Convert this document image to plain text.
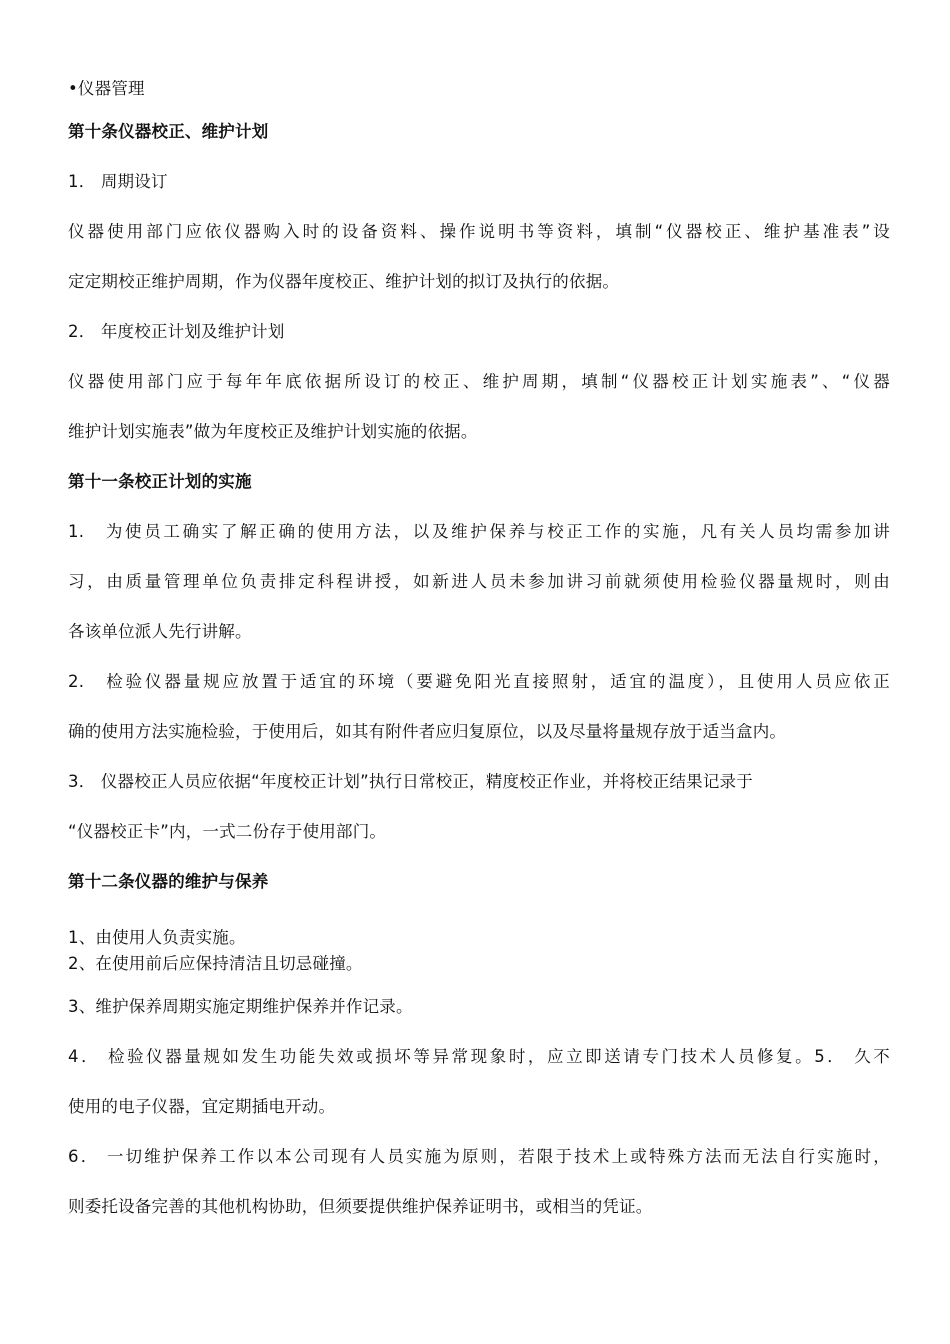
•仪器管理
第十条仪器校正、维护计划
1． 周期设订
仪器使用部门应依仪器购入时的设备资料、操作说明书等资料，填制“仪器校正、维护基准表”设
定定期校正维护周期，作为仪器年度校正、维护计划的拟订及执行的依据。
2． 年度校正计划及维护计划
仪器使用部门应于每年年底依据所设订的校正、维护周期，填制“仪器校正计划实施表”、“仪器
维护计划实施表”做为年度校正及维护计划实施的依据。
第十一条校正计划的实施
1.　为使员工确实了解正确的使用方法，以及维护保养与校正工作的实施，凡有关人员均需参加讲
习，由质量管理单位负责排定科程讲授，如新进人员未参加讲习前就须使用检验仪器量规时，则由
各该单位派人先行讲解。
2.　检验仪器量规应放置于适宜的环境（要避免阳光直接照射，适宜的温度），且使用人员应依正
确的使用方法实施检验，于使用后，如其有附件者应归复原位，以及尽量将量规存放于适当盒内。
3． 仪器校正人员应依据“年度校正计划”执行日常校正，精度校正作业，并将校正结果记录于
“仪器校正卡”内，一式二份存于使用部门。
第十二条仪器的维护与保养
1、由使用人负责实施。
2、在使用前后应保持清洁且切忌碰撞。
3、维护保养周期实施定期维护保养并作记录。
4． 检验仪器量规如发生功能失效或损坏等异常现象时，应立即送请专门技术人员修复。5． 久不
使用的电子仪器，宜定期插电开动。
6． 一切维护保养工作以本公司现有人员实施为原则，若限于技术上或特殊方法而无法自行实施时，
则委托设备完善的其他机构协助，但须要提供维护保养证明书，或相当的凭证。
